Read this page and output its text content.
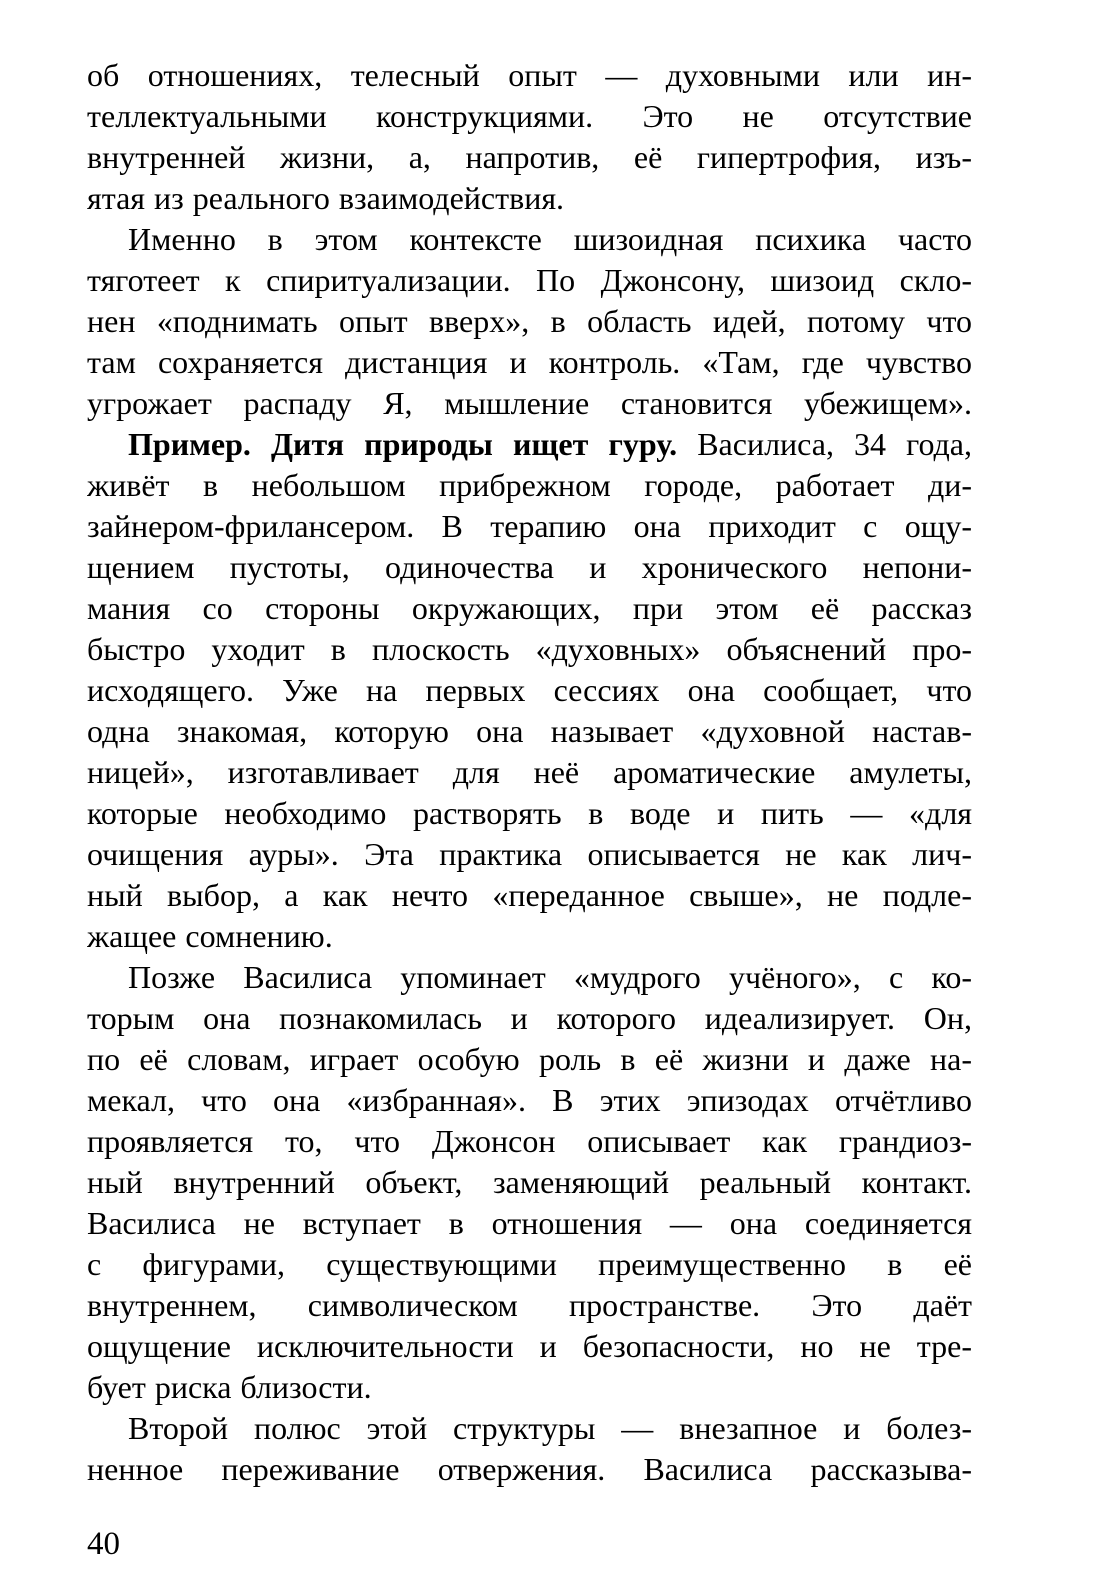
об отношениях, телесный опыт — духовными или ин-
теллектуальными конструкциями. Это не отсутствие
внутренней жизни, а, напротив, её гипертрофия, изъ-
ятая из реального взаимодействия.
Именно в этом контексте шизоидная психика часто
тяготеет к спиритуализации. По Джонсону, шизоид скло-
нен «поднимать опыт вверх», в область идей, потому что
там сохраняется дистанция и контроль. «Там, где чувство
угрожает распаду Я, мышление становится убежищем».
Пример. Дитя природы ищет гуру. Василиса, 34 года,
живёт в небольшом прибрежном городе, работает ди-
зайнером-фрилансером. В терапию она приходит с ощу-
щением пустоты, одиночества и хронического непони-
мания со стороны окружающих, при этом её рассказ
быстро уходит в плоскость «духовных» объяснений про-
исходящего. Уже на первых сессиях она сообщает, что
одна знакомая, которую она называет «духовной настав-
ницей», изготавливает для неё ароматические амулеты,
которые необходимо растворять в воде и пить — «для
очищения ауры». Эта практика описывается не как лич-
ный выбор, а как нечто «переданное свыше», не подле-
жащее сомнению.
Позже Василиса упоминает «мудрого учёного», с ко-
торым она познакомилась и которого идеализирует. Он,
по её словам, играет особую роль в её жизни и даже на-
мекал, что она «избранная». В этих эпизодах отчётливо
проявляется то, что Джонсон описывает как грандиоз-
ный внутренний объект, заменяющий реальный контакт.
Василиса не вступает в отношения — она соединяется
с фигурами, существующими преимущественно в её
внутреннем, символическом пространстве. Это даёт
ощущение исключительности и безопасности, но не тре-
бует риска близости.
Второй полюс этой структуры — внезапное и болез-
ненное переживание отвержения. Василиса рассказыва-
40
